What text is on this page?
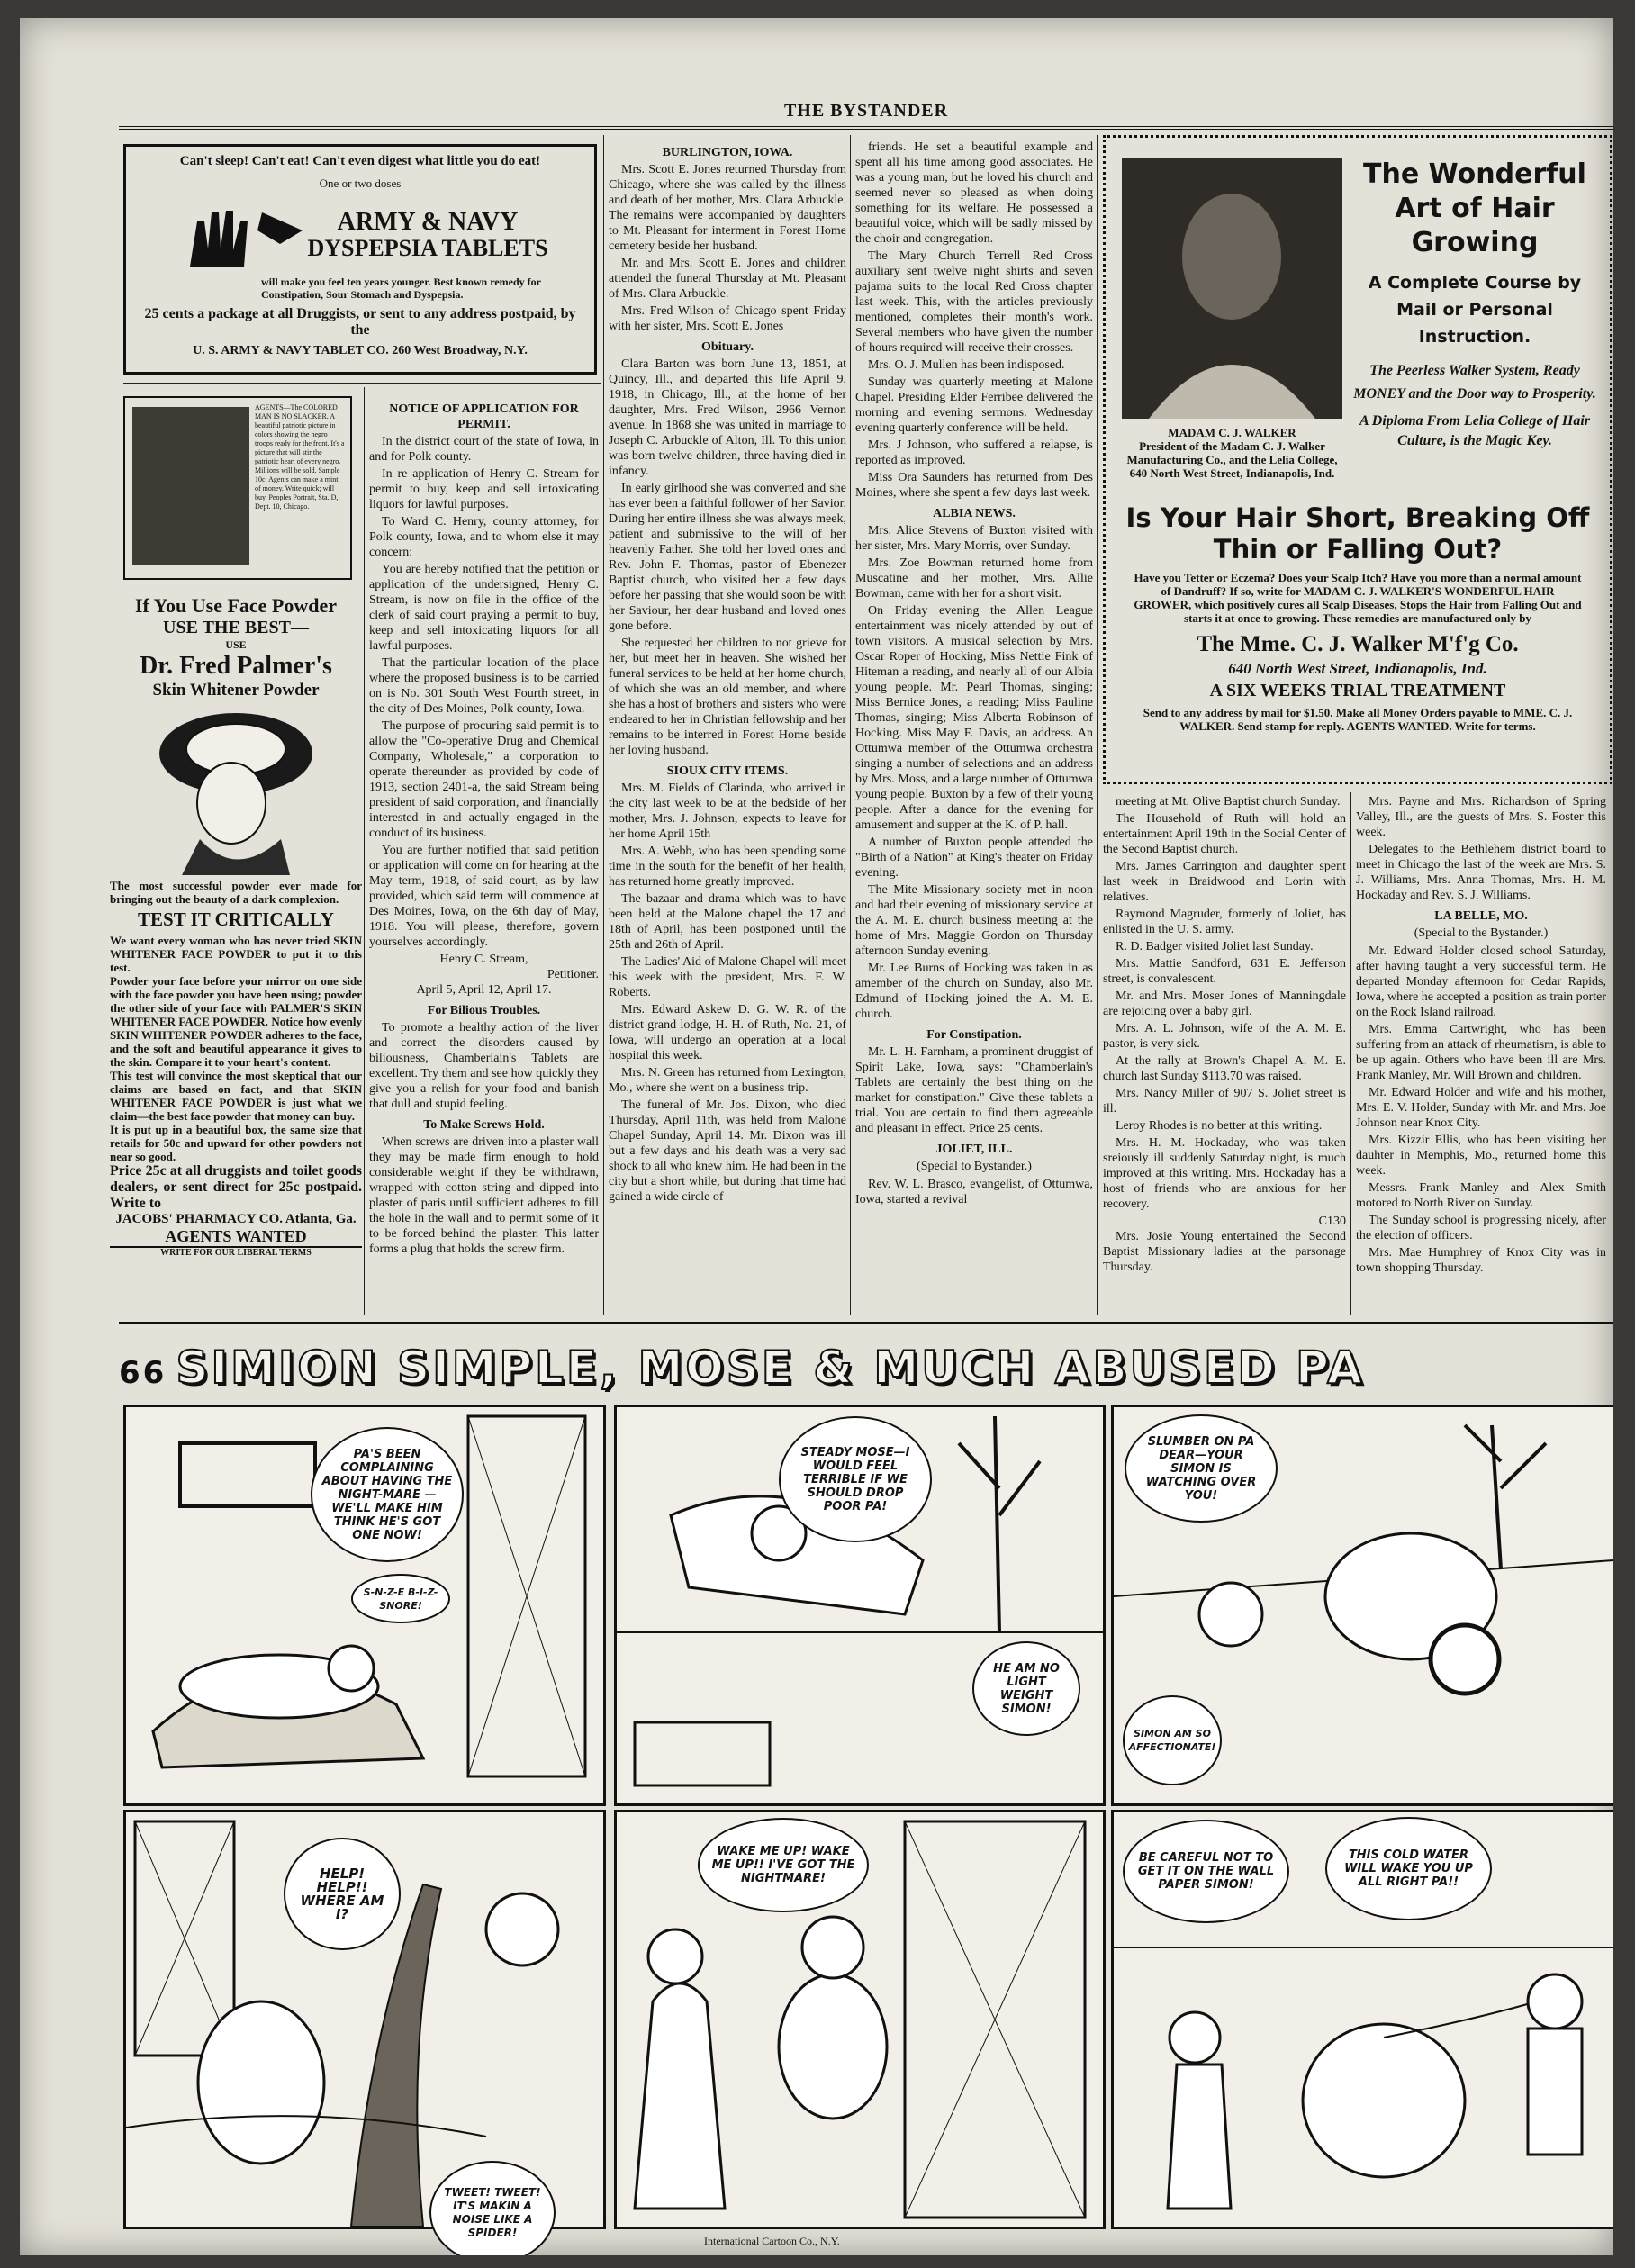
THE BYSTANDER
Can't sleep! Can't eat! Can't even digest what little you do eat!
One or two doses
ARMY & NAVY
DYSPEPSIA TABLETS
will make you feel ten years younger. Best known remedy for Constipation, Sour Stomach and Dyspepsia.
25 cents a package at all Druggists, or sent to any address postpaid, by the
U. S. ARMY & NAVY TABLET CO. 260 West Broadway, N.Y.
AGENTS—The COLORED MAN IS NO SLACKER. A beautiful patriotic picture in colors showing the negro troops ready for the front. It's a picture that will stir the patriotic heart of every negro. Millions will be sold. Sample 10c. Agents can make a mint of money. Write quick; will buy. Peoples Portrait, Sta. D, Dept. 10, Chicago.
If You Use Face Powder
USE THE BEST—
USE
Dr. Fred Palmer's
Skin Whitener Powder
The most successful powder ever made for bringing out the beauty of a dark complexion.
TEST IT CRITICALLY
We want every woman who has never tried SKIN WHITENER FACE POWDER to put it to this test.
Powder your face before your mirror on one side with the face powder you have been using; powder the other side of your face with PALMER'S SKIN WHITENER FACE POWDER. Notice how evenly SKIN WHITENER POWDER adheres to the face, and the soft and beautiful appearance it gives to the skin. Compare it to your heart's content.
This test will convince the most skeptical that our claims are based on fact, and that SKIN WHITENER FACE POWDER is just what we claim—the best face powder that money can buy.
It is put up in a beautiful box, the same size that retails for 50c and upward for other powders not near so good.
Price 25c at all druggists and toilet goods dealers, or sent direct for 25c postpaid. Write to
JACOBS' PHARMACY CO. Atlanta, Ga.
AGENTS WANTED
WRITE FOR OUR LIBERAL TERMS
NOTICE OF APPLICATION FOR PERMIT.

In the district court of the state of Iowa, in and for Polk county.

In re application of Henry C. Stream for permit to buy, keep and sell intoxicating liquors for lawful purposes.

To Ward C. Henry, county attorney, for Polk county, Iowa, and to whom else it may concern:

You are hereby notified that the petition or application of the undersigned, Henry C. Stream, is now on file in the office of the clerk of said court praying a permit to buy, keep and sell intoxicating liquors for all lawful purposes.

That the particular location of the place where the proposed business is to be carried on is No. 301 South West Fourth street, in the city of Des Moines, Polk county, Iowa.

The purpose of procuring said permit is to allow the "Co-operative Drug and Chemical Company, Wholesale," a corporation to operate thereunder as provided by code of 1913, section 2401-a, the said Stream being president of said corporation, and financially interested in and actually engaged in the conduct of its business.

You are further notified that said petition or application will come on for hearing at the May term, 1918, of said court, as by law provided, which said term will commence at Des Moines, Iowa, on the 6th day of May, 1918. You will please, therefore, govern yourselves accordingly.

Henry C. Stream,
Petitioner.
April 5, April 12, April 17.
For Bilious Troubles.

To promote a healthy action of the liver and correct the disorders caused by biliousness, Chamberlain's Tablets are excellent. Try them and see how quickly they give you a relish for your food and banish that dull and stupid feeling.

To Make Screws Hold.

When screws are driven into a plaster wall they may be made firm enough to hold considerable weight if they be withdrawn, wrapped with cotton string and dipped into plaster of paris until sufficient adheres to fill the hole in the wall and to permit some of it to be forced behind the plaster. This latter forms a plug that holds the screw firm.

BURLINGTON, IOWA.

Mrs. Scott E. Jones returned Thursday from Chicago, where she was called by the illness and death of her mother, Mrs. Clara Arbuckle. The remains were accompanied by daughters to Mt. Pleasant for interment in Forest Home cemetery beside her husband.

Mr. and Mrs. Scott E. Jones and children attended the funeral Thursday at Mt. Pleasant of Mrs. Clara Arbuckle.

Mrs. Fred Wilson of Chicago spent Friday with her sister, Mrs. Scott E. Jones

Obituary.

Clara Barton was born June 13, 1851, at Quincy, Ill., and departed this life April 9, 1918, in Chicago, Ill., at the home of her daughter, Mrs. Fred Wilson, 2966 Vernon avenue. In 1868 she was united in marriage to Joseph C. Arbuckle of Alton, Ill. To this union was born twelve children, three having died in infancy.

In early girlhood she was converted and she has ever been a faithful follower of her Savior. During her entire illness she was always meek, patient and submissive to the will of her heavenly Father. She told her loved ones and Rev. John F. Thomas, pastor of Ebenezer Baptist church, who visited her a few days before her passing that she would soon be with her Saviour, her dear husband and loved ones gone before.

She requested her children to not grieve for her, but meet her in heaven. She wished her funeral services to be held at her home church, of which she was an old member, and where she has a host of brothers and sisters who were endeared to her in Christian fellowship and her remains to be interred in Forest Home beside her loving husband.

SIOUX CITY ITEMS.

Mrs. M. Fields of Clarinda, who arrived in the city last week to be at the bedside of her mother, Mrs. J. Johnson, expects to leave for her home April 15th

Mrs. A. Webb, who has been spending some time in the south for the benefit of her health, has returned home greatly improved.

The bazaar and drama which was to have been held at the Malone chapel the 17 and 18th of April, has been postponed until the 25th and 26th of April.

The Ladies' Aid of Malone Chapel will meet this week with the president, Mrs. F. W. Roberts.

Mrs. Edward Askew D. G. W. R. of the district grand lodge, H. H. of Ruth, No. 21, of Iowa, will undergo an operation at a local hospital this week.

Mrs. N. Green has returned from Lexington, Mo., where she went on a business trip.

The funeral of Mr. Jos. Dixon, who died Thursday, April 11th, was held from Malone Chapel Sunday, April 14. Mr. Dixon was ill but a few days and his death was a very sad shock to all who knew him. He had been in the city but a short while, but during that time had gained a wide circle of

friends. He set a beautiful example and spent all his time among good associates. He was a young man, but he loved his church and seemed never so pleased as when doing something for its welfare. He possessed a beautiful voice, which will be sadly missed by the choir and congregation.

The Mary Church Terrell Red Cross auxiliary sent twelve night shirts and seven pajama suits to the local Red Cross chapter last week. This, with the articles previously mentioned, completes their month's work. Several members who have given the number of hours required will receive their crosses.

Mrs. O. J. Mullen has been indisposed.

Sunday was quarterly meeting at Malone Chapel. Presiding Elder Ferribee delivered the morning and evening sermons. Wednesday evening quarterly conference will be held.

Mrs. J Johnson, who suffered a relapse, is reported as improved.

Miss Ora Saunders has returned from Des Moines, where she spent a few days last week.

ALBIA NEWS.

Mrs. Alice Stevens of Buxton visited with her sister, Mrs. Mary Morris, over Sunday.

Mrs. Zoe Bowman returned home from Muscatine and her mother, Mrs. Allie Bowman, came with her for a short visit.

On Friday evening the Allen League entertainment was nicely attended by out of town visitors. A musical selection by Mrs. Oscar Roper of Hocking, Miss Nettie Fink of Hiteman a reading, and nearly all of our Albia young people. Mr. Pearl Thomas, singing; Miss Bernice Jones, a reading; Miss Pauline Thomas, singing; Miss Alberta Robinson of Hocking. Miss May F. Davis, an address. An Ottumwa member of the Ottumwa orchestra singing a number of selections and an address by Mrs. Moss, and a large number of Ottumwa young people. Buxton by a few of their young people. After a dance for the evening for amusement and supper at the K. of P. hall.

A number of Buxton people attended the "Birth of a Nation" at King's theater on Friday evening.

The Mite Missionary society met in noon and had their evening of missionary service at the A. M. E. church business meeting at the home of Mrs. Maggie Gordon on Thursday afternoon Sunday evening.

Mr. Lee Burns of Hocking was taken in as amember of the church on Sunday, also Mr. Edmund of Hocking joined the A. M. E. church.

For Constipation.

Mr. L. H. Farnham, a prominent druggist of Spirit Lake, Iowa, says: "Chamberlain's Tablets are certainly the best thing on the market for constipation." Give these tablets a trial. You are certain to find them agreeable and pleasant in effect. Price 25 cents.

JOLIET, ILL.
(Special to Bystander.)

Rev. W. L. Brasco, evangelist, of Ottumwa, Iowa, started a revival

The Wonderful
Art of Hair
Growing
A Complete Course by Mail or Personal Instruction.
The Peerless Walker System, Ready MONEY and the Door way to Prosperity.
A Diploma From Lelia College of Hair Culture, is the Magic Key.
MADAM C. J. WALKER
President of the Madam C. J. Walker Manufacturing Co., and the Lelia College, 640 North West Street, Indianapolis, Ind.
Is Your Hair Short, Breaking Off Thin or Falling Out?
Have you Tetter or Eczema? Does your Scalp Itch? Have you more than a normal amount of Dandruff? If so, write for MADAM C. J. WALKER'S WONDERFUL HAIR GROWER, which positively cures all Scalp Diseases, Stops the Hair from Falling Out and starts it at once to growing. These remedies are manufactured only by
The Mme. C. J. Walker M'f'g Co.
640 North West Street, Indianapolis, Ind.
A SIX WEEKS TRIAL TREATMENT
Send to any address by mail for $1.50. Make all Money Orders payable to MME. C. J. WALKER. Send stamp for reply. AGENTS WANTED. Write for terms.

meeting at Mt. Olive Baptist church Sunday.

The Household of Ruth will hold an entertainment April 19th in the Social Center of the Second Baptist church.

Mrs. James Carrington and daughter spent last week in Braidwood and Lorin with relatives.

Raymond Magruder, formerly of Joliet, has enlisted in the U. S. army.

R. D. Badger visited Joliet last Sunday.

Mrs. Mattie Sandford, 631 E. Jefferson street, is convalescent.

Mr. and Mrs. Moser Jones of Manningdale are rejoicing over a baby girl.

Mrs. A. L. Johnson, wife of the A. M. E. pastor, is very sick.

At the rally at Brown's Chapel A. M. E. church last Sunday $113.70 was raised.

Mrs. Nancy Miller of 907 S. Joliet street is ill.

Leroy Rhodes is no better at this writing.

Mrs. H. M. Hockaday, who was taken sreiously ill suddenly Saturday night, is much improved at this writing. Mrs. Hockaday has a host of friends who are anxious for her recovery.

C130

Mrs. Josie Young entertained the Second Baptist Missionary ladies at the parsonage Thursday.

Mrs. Payne and Mrs. Richardson of Spring Valley, Ill., are the guests of Mrs. S. Foster this week.

Delegates to the Bethlehem district board to meet in Chicago the last of the week are Mrs. S. J. Williams, Mrs. Anna Thomas, Mrs. H. M. Hockaday and Rev. S. J. Williams.

LA BELLE, MO.
(Special to the Bystander.)

Mr. Edward Holder closed school Saturday, after having taught a very successful term. He departed Monday afternoon for Cedar Rapids, Iowa, where he accepted a position as train porter on the Rock Island railroad.

Mrs. Emma Cartwright, who has been suffering from an attack of rheumatism, is able to be up again. Others who have been ill are Mrs. Frank Manley, Mr. Will Brown and children.

Mr. Edward Holder and wife and his mother, Mrs. E. V. Holder, Sunday with Mr. and Mrs. Joe Johnson near Knox City.

Mrs. Kizzir Ellis, who has been visiting her dauhter in Memphis, Mo., returned home this week.

Messrs. Frank Manley and Alex Smith motored to North River on Sunday.

The Sunday school is progressing nicely, after the election of officers.

Mrs. Mae Humphrey of Knox City was in town shopping Thursday.

66 SIMION SIMPLE, MOSE & MUCH ABUSED PA
PA'S BEEN COMPLAINING ABOUT HAVING THE NIGHT-MARE — WE'LL MAKE HIM THINK HE'S GOT ONE NOW!
S-N-Z-E B-I-Z-SNORE!
STEADY MOSE—I WOULD FEEL TERRIBLE IF WE SHOULD DROP POOR PA!
HE AM NO LIGHT WEIGHT SIMON!
SLUMBER ON PA DEAR—YOUR SIMON IS WATCHING OVER YOU!
SIMON AM SO AFFECTIONATE!
HELP! HELP!! WHERE AM I?
WAKE ME UP! WAKE ME UP!! I'VE GOT THE NIGHTMARE!
TWEET! TWEET! IT'S MAKIN A NOISE LIKE A SPIDER!
BE CAREFUL NOT TO GET IT ON THE WALL PAPER SIMON!
THIS COLD WATER WILL WAKE YOU UP ALL RIGHT PA!!
International Cartoon Co., N.Y.
